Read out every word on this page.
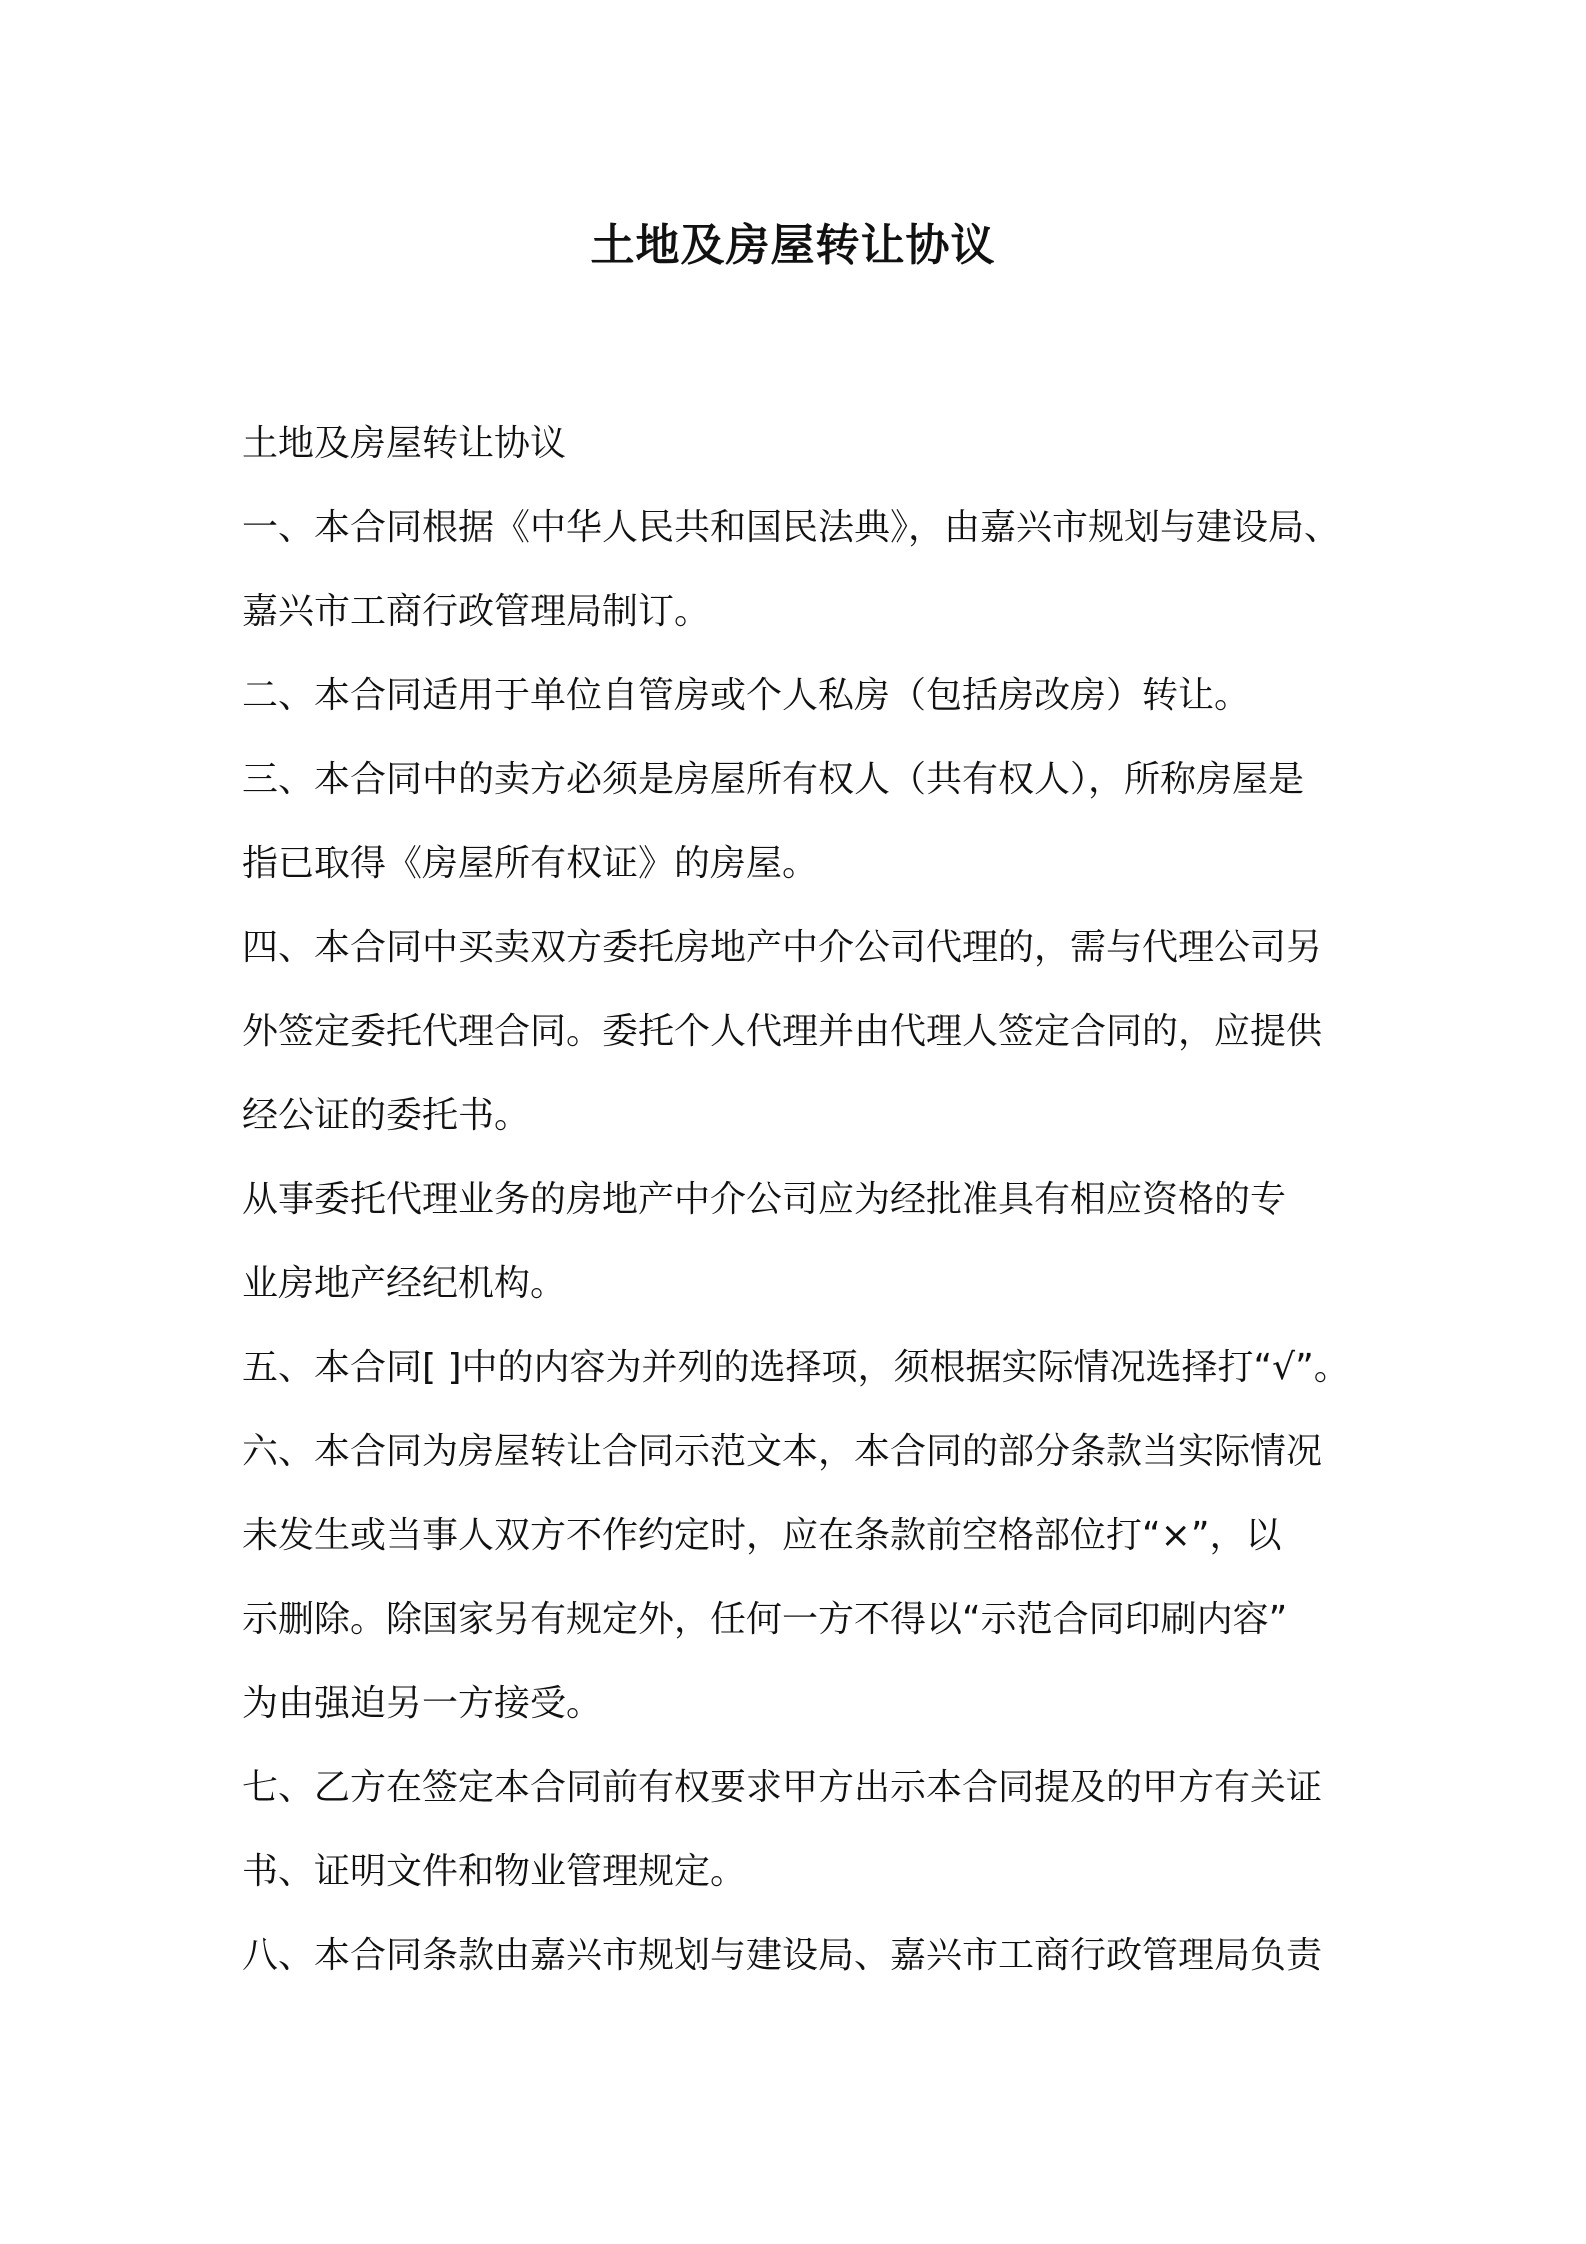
土地及房屋转让协议
土地及房屋转让协议
一、本合同根据《中华人民共和国民法典》，由嘉兴市规划与建设局、
嘉兴市工商行政管理局制订。
二、本合同适用于单位自管房或个人私房（包括房改房）转让。
三、本合同中的卖方必须是房屋所有权人（共有权人），所称房屋是
指已取得《房屋所有权证》的房屋。
四、本合同中买卖双方委托房地产中介公司代理的，需与代理公司另
外签定委托代理合同。委托个人代理并由代理人签定合同的，应提供
经公证的委托书。
从事委托代理业务的房地产中介公司应为经批准具有相应资格的专
业房地产经纪机构。
五、本合同[ ]中的内容为并列的选择项，须根据实际情况选择打“√”。
六、本合同为房屋转让合同示范文本，本合同的部分条款当实际情况
未发生或当事人双方不作约定时，应在条款前空格部位打“×”，以
示删除。除国家另有规定外，任何一方不得以“示范合同印刷内容”
为由强迫另一方接受。
七、乙方在签定本合同前有权要求甲方出示本合同提及的甲方有关证
书、证明文件和物业管理规定。
八、本合同条款由嘉兴市规划与建设局、嘉兴市工商行政管理局负责
